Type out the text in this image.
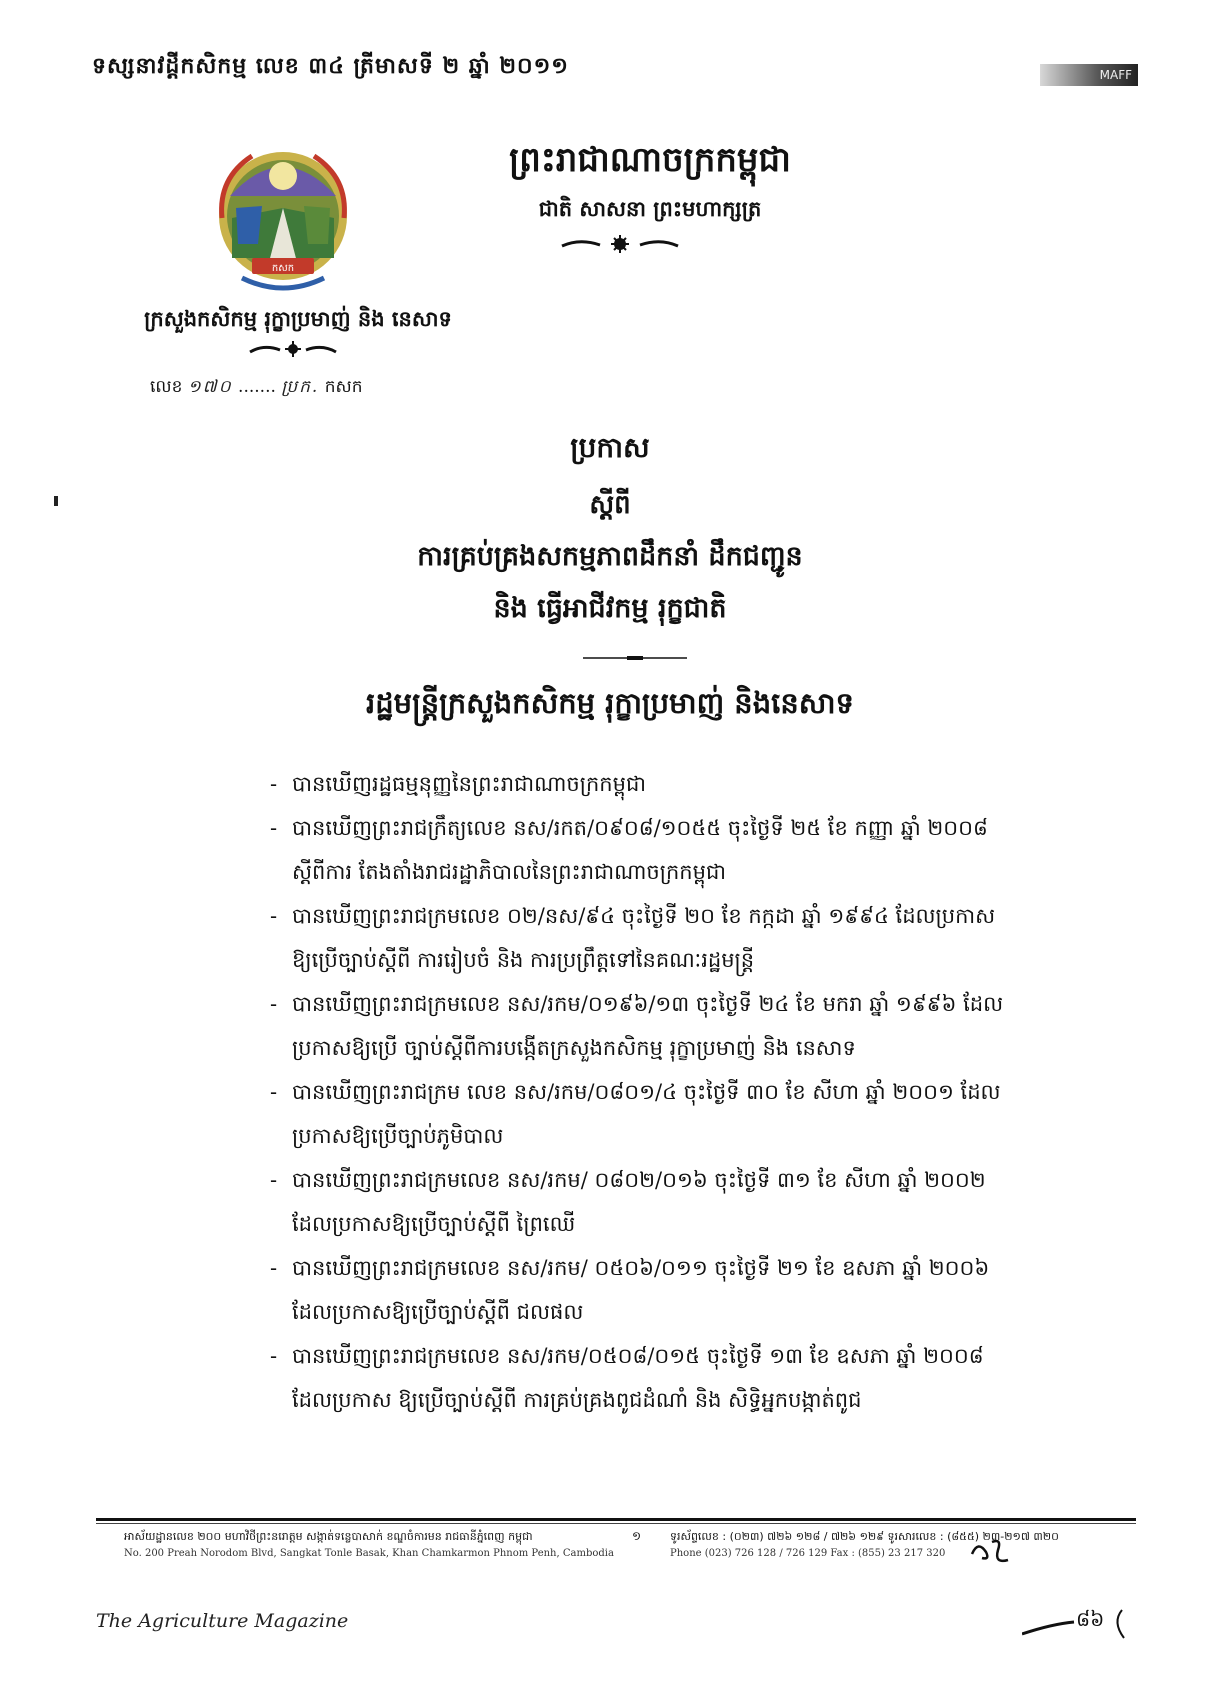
ទស្សនាវដ្តីកសិកម្ម លេខ ៣៤ ត្រីមាសទី ២ ឆ្នាំ ២០១១	MAFF
ព្រះរាជាណាចក្រកម្ពុជា
ជាតិ សាសនា ព្រះមហាក្សត្រ
កសក
ក្រសួងកសិកម្ម រុក្ខាប្រមាញ់ និង នេសាទ
លេខ ១៧០ ....... ប្រក. កសក
ប្រកាស
ស្តីពី
ការគ្រប់គ្រងសកម្មភាពដឹកនាំ ដឹកជញ្ជូន
និង ធ្វើអាជីវកម្ម រុក្ខជាតិ
រដ្ឋមន្ត្រីក្រសួងកសិកម្ម រុក្ខាប្រមាញ់ និងនេសាទ
- បានឃើញរដ្ឋធម្មនុញ្ញនៃព្រះរាជាណាចក្រកម្ពុជា
- បានឃើញព្រះរាជក្រឹត្យលេខ នស/រកត/០៩០៨/១០៥៥ ចុះថ្ងៃទី ២៥ ខែ កញ្ញា ឆ្នាំ ២០០៨
ស្តីពីការ តែងតាំងរាជរដ្ឋាភិបាលនៃព្រះរាជាណាចក្រកម្ពុជា
- បានឃើញព្រះរាជក្រមលេខ ០២/នស/៩៤ ចុះថ្ងៃទី ២០ ខែ កក្កដា ឆ្នាំ ១៩៩៤ ដែលប្រកាស
ឱ្យប្រើច្បាប់ស្តីពី ការរៀបចំ និង ការប្រព្រឹត្តទៅនៃគណៈរដ្ឋមន្ត្រី
- បានឃើញព្រះរាជក្រមលេខ នស/រកម/០១៩៦/១៣ ចុះថ្ងៃទី ២៤ ខែ មករា ឆ្នាំ ១៩៩៦ ដែល
ប្រកាសឱ្យប្រើ ច្បាប់ស្តីពីការបង្កើតក្រសួងកសិកម្ម រុក្ខាប្រមាញ់ និង នេសាទ
- បានឃើញព្រះរាជក្រម លេខ នស/រកម/០៨០១/៤ ចុះថ្ងៃទី ៣០ ខែ សីហា ឆ្នាំ ២០០១ ដែល
ប្រកាសឱ្យប្រើច្បាប់ភូមិបាល
- បានឃើញព្រះរាជក្រមលេខ នស/រកម/ ០៨០២/០១៦ ចុះថ្ងៃទី ៣១ ខែ សីហា ឆ្នាំ ២០០២
ដែលប្រកាសឱ្យប្រើច្បាប់ស្តីពី ព្រៃឈើ
- បានឃើញព្រះរាជក្រមលេខ នស/រកម/ ០៥០៦/០១១ ចុះថ្ងៃទី ២១ ខែ ឧសភា ឆ្នាំ ២០០៦
ដែលប្រកាសឱ្យប្រើច្បាប់ស្តីពី ជលផល
- បានឃើញព្រះរាជក្រមលេខ នស/រកម/០៥០៨/០១៥ ចុះថ្ងៃទី ១៣ ខែ ឧសភា ឆ្នាំ ២០០៨
ដែលប្រកាស ឱ្យប្រើច្បាប់ស្តីពី ការគ្រប់គ្រងពូជដំណាំ និង សិទ្ធិអ្នកបង្កាត់ពូជ
អាស័យដ្ឋានលេខ ២០០ មហាវិថីព្រះនរោត្តម សង្កាត់ទន្លេបាសាក់ ខណ្ឌចំការមន រាជធានីភ្នំពេញ កម្ពុជា
No. 200 Preah Norodom Blvd, Sangkat Tonle Basak, Khan Chamkarmon Phnom Penh, Cambodia
១	ទូរស័ព្ទលេខ : (០២៣) ៧២៦ ១២៨ / ៧២៦ ១២៩ ទូរសារលេខ : (៨៥៥) ២៣-២១៧ ៣២០
Phone (023) 726 128 / 726 129 Fax : (855) 23 217 320
The Agriculture Magazine	៨៦
